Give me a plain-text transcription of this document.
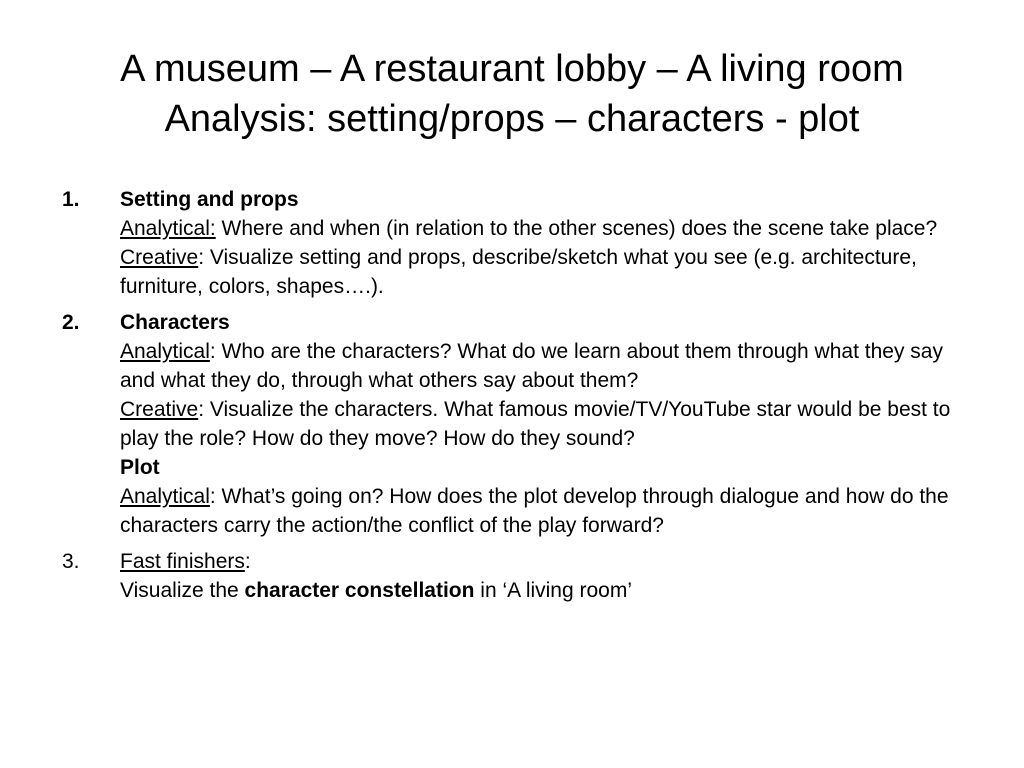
A museum – A restaurant lobby – A living room
Analysis: setting/props – characters - plot
1. Setting and props
Analytical: Where and when (in relation to the other scenes) does the scene take place?
Creative: Visualize setting and props, describe/sketch what you see (e.g. architecture, furniture, colors, shapes….).
2. Characters
Analytical: Who are the characters? What do we learn about them through what they say and what they do, through what others say about them?
Creative: Visualize the characters. What famous movie/TV/YouTube star would be best to play the role? How do they move? How do they sound?
Plot
Analytical: What’s going on? How does the plot develop through dialogue and how do the characters carry the action/the conflict of the play forward?
3. Fast finishers:
Visualize the character constellation in ‘A living room’
